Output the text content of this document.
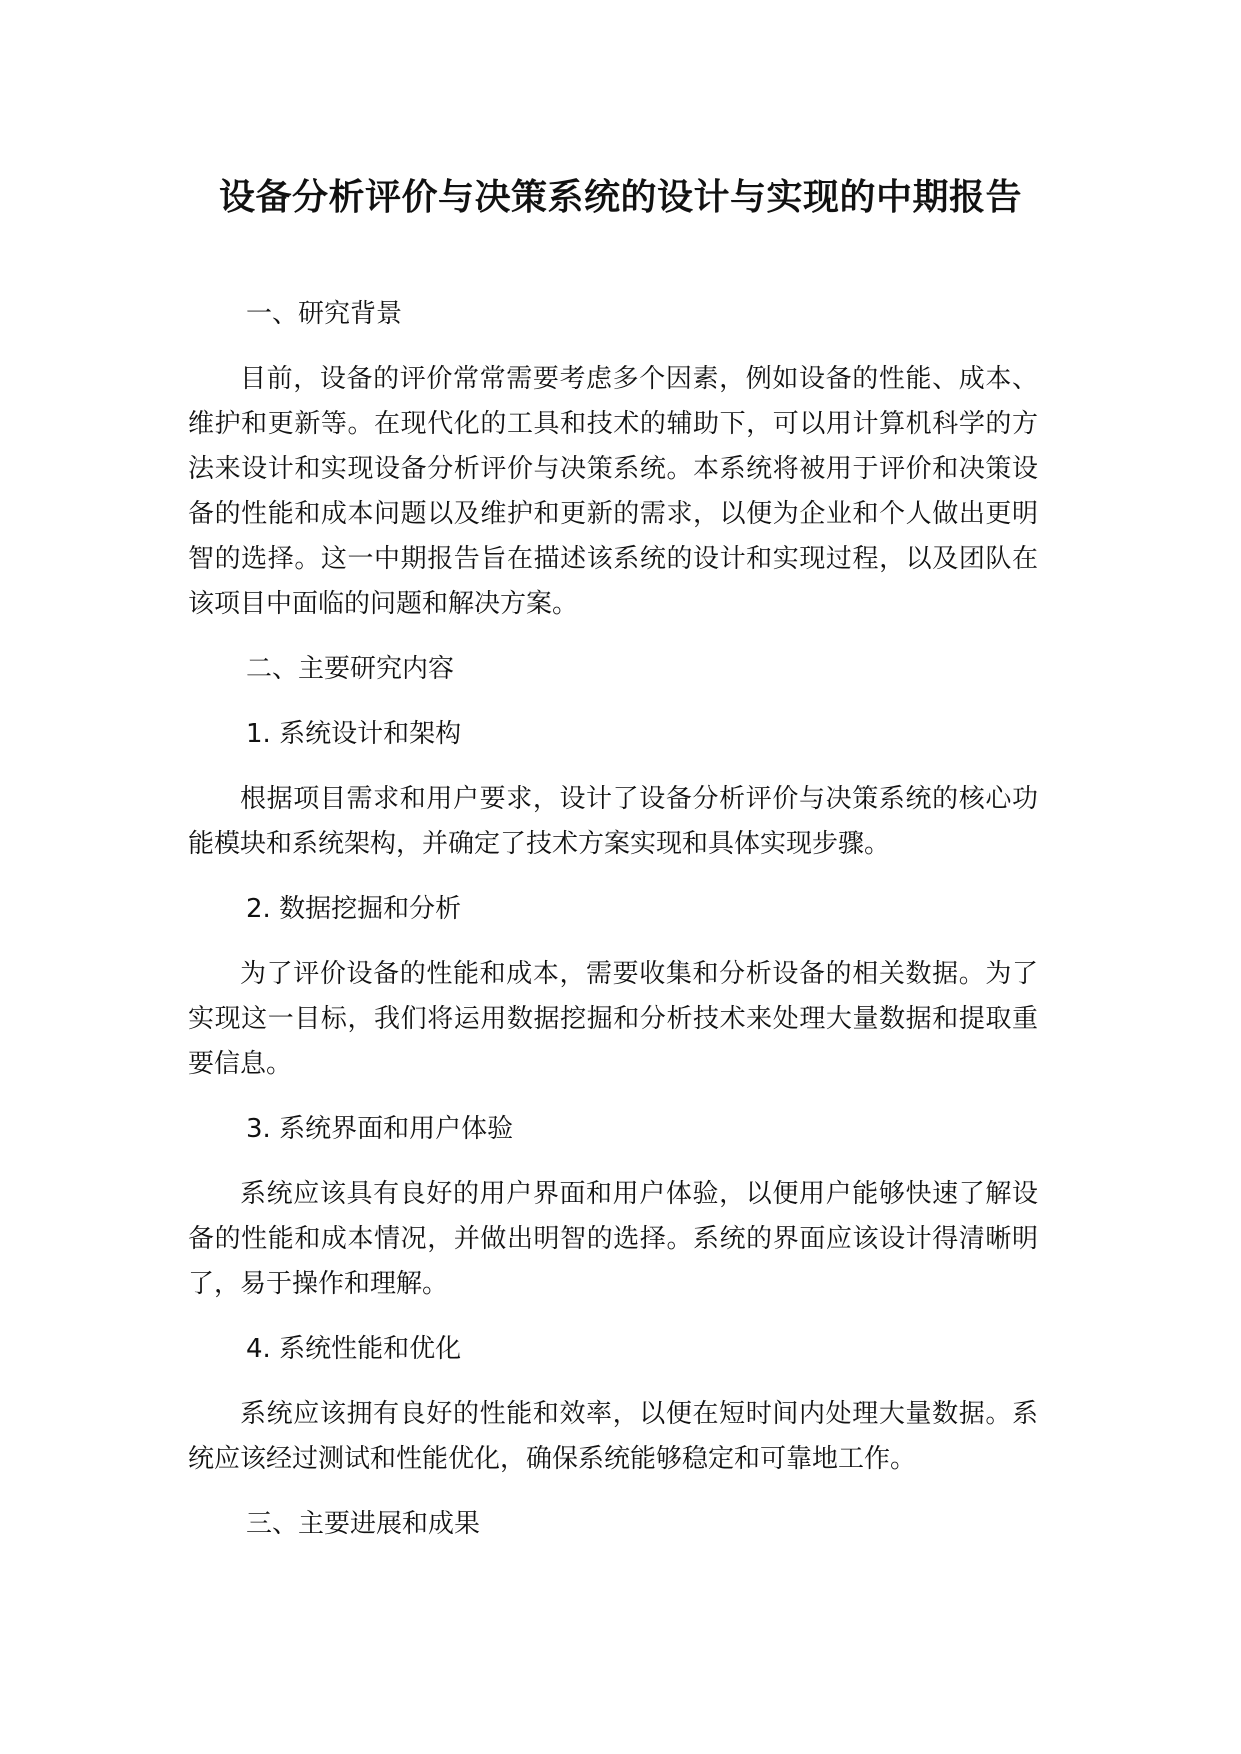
设备分析评价与决策系统的设计与实现的中期报告
一、研究背景
目前，设备的评价常常需要考虑多个因素，例如设备的性能、成本、维护和更新等。在现代化的工具和技术的辅助下，可以用计算机科学的方法来设计和实现设备分析评价与决策系统。本系统将被用于评价和决策设备的性能和成本问题以及维护和更新的需求，以便为企业和个人做出更明智的选择。这一中期报告旨在描述该系统的设计和实现过程，以及团队在该项目中面临的问题和解决方案。
二、主要研究内容
1. 系统设计和架构
根据项目需求和用户要求，设计了设备分析评价与决策系统的核心功能模块和系统架构，并确定了技术方案实现和具体实现步骤。
2. 数据挖掘和分析
为了评价设备的性能和成本，需要收集和分析设备的相关数据。为了实现这一目标，我们将运用数据挖掘和分析技术来处理大量数据和提取重要信息。
3. 系统界面和用户体验
系统应该具有良好的用户界面和用户体验，以便用户能够快速了解设备的性能和成本情况，并做出明智的选择。系统的界面应该设计得清晰明了，易于操作和理解。
4. 系统性能和优化
系统应该拥有良好的性能和效率，以便在短时间内处理大量数据。系统应该经过测试和性能优化，确保系统能够稳定和可靠地工作。
三、主要进展和成果
